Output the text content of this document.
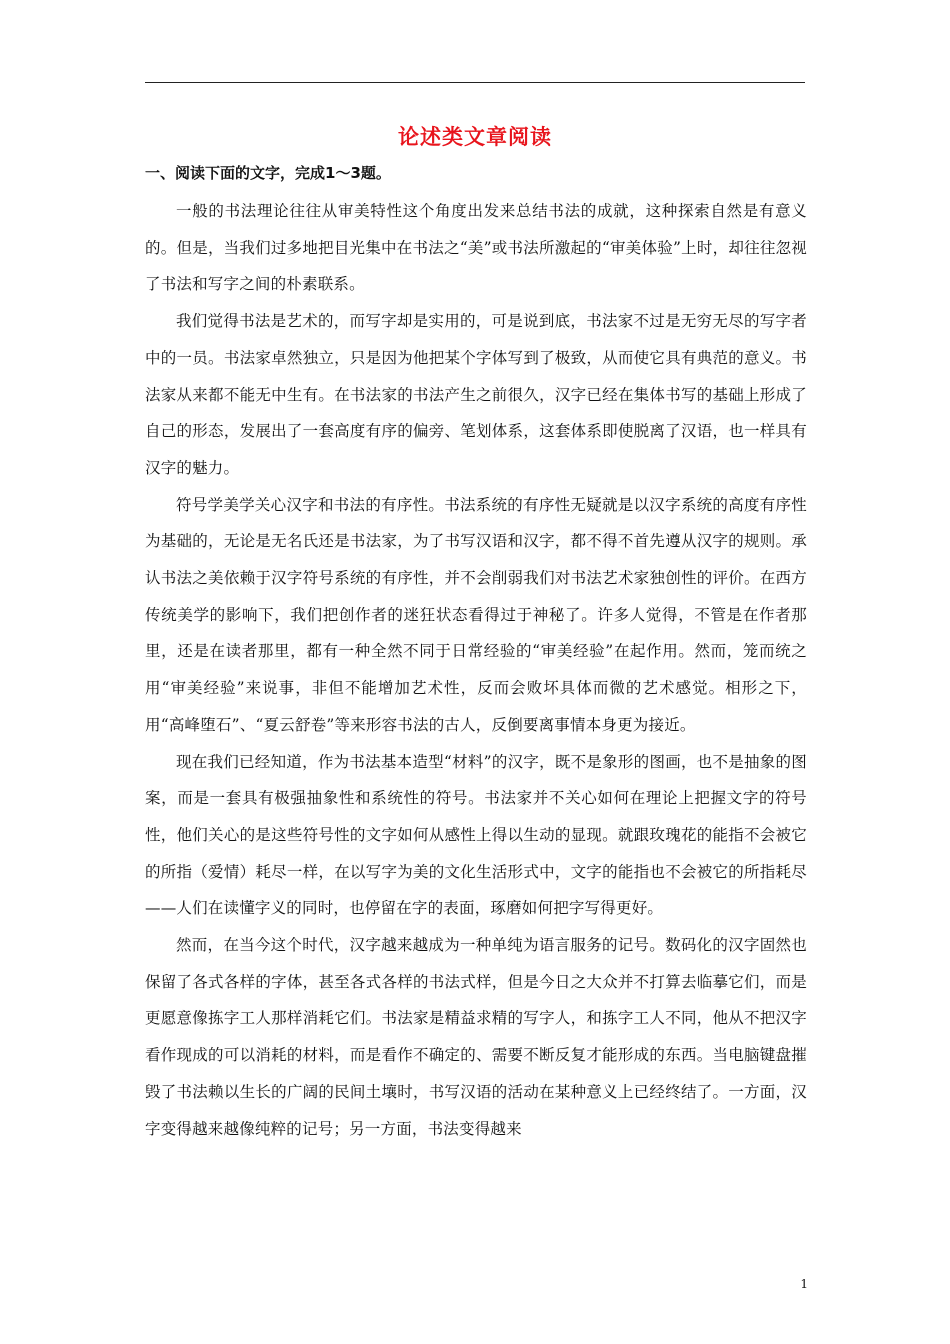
论述类文章阅读
一、阅读下面的文字，完成1～3题。

一般的书法理论往往从审美特性这个角度出发来总结书法的成就，这种探索自然是有意义的。但是，当我们过多地把目光集中在书法之“美”或书法所激起的“审美体验”上时，却往往忽视了书法和写字之间的朴素联系。

我们觉得书法是艺术的，而写字却是实用的，可是说到底，书法家不过是无穷无尽的写字者中的一员。书法家卓然独立，只是因为他把某个字体写到了极致，从而使它具有典范的意义。书法家从来都不能无中生有。在书法家的书法产生之前很久，汉字已经在集体书写的基础上形成了自己的形态，发展出了一套高度有序的偏旁、笔划体系，这套体系即使脱离了汉语，也一样具有汉字的魅力。

符号学美学关心汉字和书法的有序性。书法系统的有序性无疑就是以汉字系统的高度有序性为基础的，无论是无名氏还是书法家，为了书写汉语和汉字，都不得不首先遵从汉字的规则。承认书法之美依赖于汉字符号系统的有序性，并不会削弱我们对书法艺术家独创性的评价。在西方传统美学的影响下，我们把创作者的迷狂状态看得过于神秘了。许多人觉得，不管是在作者那里，还是在读者那里，都有一种全然不同于日常经验的“审美经验”在起作用。然而，笼而统之用“审美经验”来说事，非但不能增加艺术性，反而会败坏具体而微的艺术感觉。相形之下，用“高峰堕石”、“夏云舒卷”等来形容书法的古人，反倒要离事情本身更为接近。

现在我们已经知道，作为书法基本造型“材料”的汉字，既不是象形的图画，也不是抽象的图案，而是一套具有极强抽象性和系统性的符号。书法家并不关心如何在理论上把握文字的符号性，他们关心的是这些符号性的文字如何从感性上得以生动的显现。就跟玫瑰花的能指不会被它的所指（爱情）耗尽一样，在以写字为美的文化生活形式中，文字的能指也不会被它的所指耗尽——人们在读懂字义的同时，也停留在字的表面，琢磨如何把字写得更好。

然而，在当今这个时代，汉字越来越成为一种单纯为语言服务的记号。数码化的汉字固然也保留了各式各样的字体，甚至各式各样的书法式样，但是今日之大众并不打算去临摹它们，而是更愿意像拣字工人那样消耗它们。书法家是精益求精的写字人，和拣字工人不同，他从不把汉字看作现成的可以消耗的材料，而是看作不确定的、需要不断反复才能形成的东西。当电脑键盘摧毁了书法赖以生长的广阔的民间土壤时，书写汉语的活动在某种意义上已经终结了。一方面，汉字变得越来越像纯粹的记号；另一方面，书法变得越来

1
